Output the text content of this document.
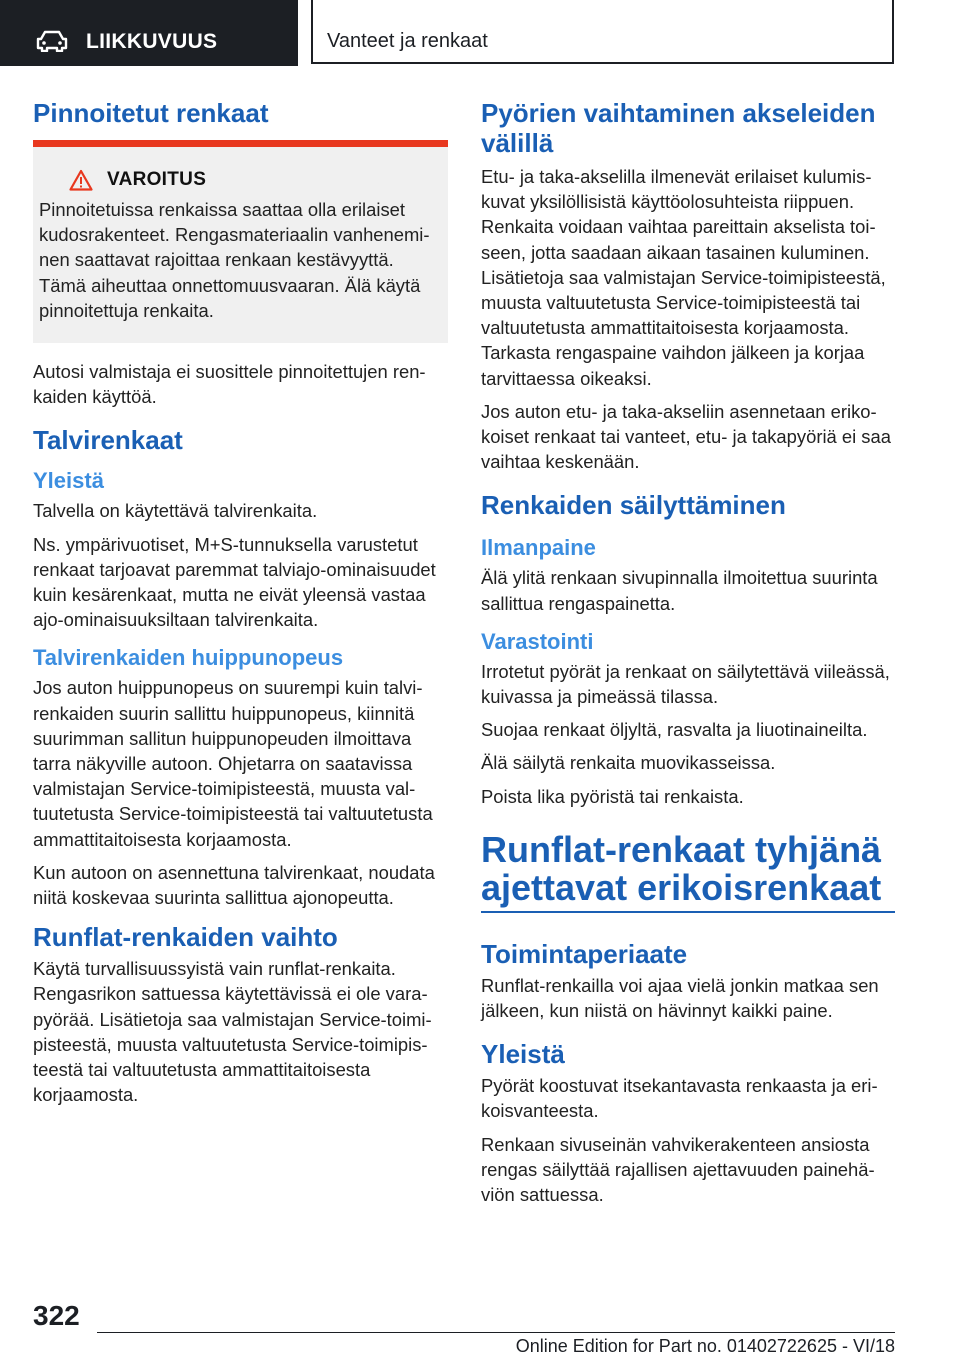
LIIKKUVUUS	Vanteet ja renkaat
Pinnoitetut renkaat
VAROITUS

Pinnoitetuissa renkaissa saattaa olla erilaiset kudosrakenteet. Rengasmateriaalin vanheneminen saattavat rajoittaa renkaan kestävyyttä. Tämä aiheuttaa onnettomuusvaaran. Älä käytä pinnoitettuja renkaita.

Autosi valmistaja ei suosittele pinnoitettujen renkaiden käyttöä.

Talvirenkaat
Yleistä

Talvella on käytettävä talvirenkaita.

Ns. ympärivuotiset, M+S-tunnuksella varustetut renkaat tarjoavat paremmat talviajo-ominaisuudet kuin kesärenkaat, mutta ne eivät yleensä vastaa ajo-ominaisuuksiltaan talvirenkaita.

Talvirenkaiden huippunopeus

Jos auton huippunopeus on suurempi kuin talvirenkaiden suurin sallittu huippunopeus, kiinnitä suurimman sallitun huippunopeuden ilmoittava tarra näkyville autoon. Ohjetarra on saatavissa valmistajan Service-toimipisteestä, muusta valtuutetusta Service-toimipisteestä tai valtuutetusta ammattitaitoisesta korjaamosta.

Kun autoon on asennettuna talvirenkaat, noudata niitä koskevaa suurinta sallittua ajonopeutta.

Runflat-renkaiden vaihto

Käytä turvallisuussyistä vain runflat-renkaita. Rengasrikon sattuessa käytettävissä ei ole varapyörää. Lisätietoja saa valmistajan Service-toimipisteestä, muusta valtuutetusta Service-toimipisteestä tai valtuutetusta ammattitaitoisesta korjaamosta.

Pyörien vaihtaminen akseleiden välillä

Etu- ja taka-akselilla ilmenevät erilaiset kulumiskuvat yksilöllisistä käyttöolosuhteista riippuen. Renkaita voidaan vaihtaa pareittain akselista toiseen, jotta saadaan aikaan tasainen kuluminen. Lisätietoja saa valmistajan Service-toimipisteestä, muusta valtuutetusta Service-toimipisteestä tai valtuutetusta ammattitaitoisesta korjaamosta. Tarkasta rengaspaine vaihdon jälkeen ja korjaa tarvittaessa oikeaksi.

Jos auton etu- ja taka-akseliin asennetaan erikokoiset renkaat tai vanteet, etu- ja takapyöriä ei saa vaihtaa keskenään.

Renkaiden säilyttäminen
Ilmanpaine

Älä ylitä renkaan sivupinnalla ilmoitettua suurinta sallittua rengaspainetta.

Varastointi

Irrotetut pyörät ja renkaat on säilytettävä viileässä, kuivassa ja pimeässä tilassa.

Suojaa renkaat öljyltä, rasvalta ja liuotinaineilta.

Älä säilytä renkaita muovikasseissa.

Poista lika pyöristä tai renkaista.

Runflat-renkaat tyhjänä ajettavat erikoisrenkaat
Toimintaperiaate

Runflat-renkailla voi ajaa vielä jonkin matkaa sen jälkeen, kun niistä on hävinnyt kaikki paine.

Yleistä

Pyörät koostuvat itsekantavasta renkaasta ja erikoisvanteesta.

Renkaan sivuseinän vahvikerakenteen ansiosta rengas säilyttää rajallisen ajettavuuden painehäviön sattuessa.

322
Online Edition for Part no. 01402722625 - VI/18
